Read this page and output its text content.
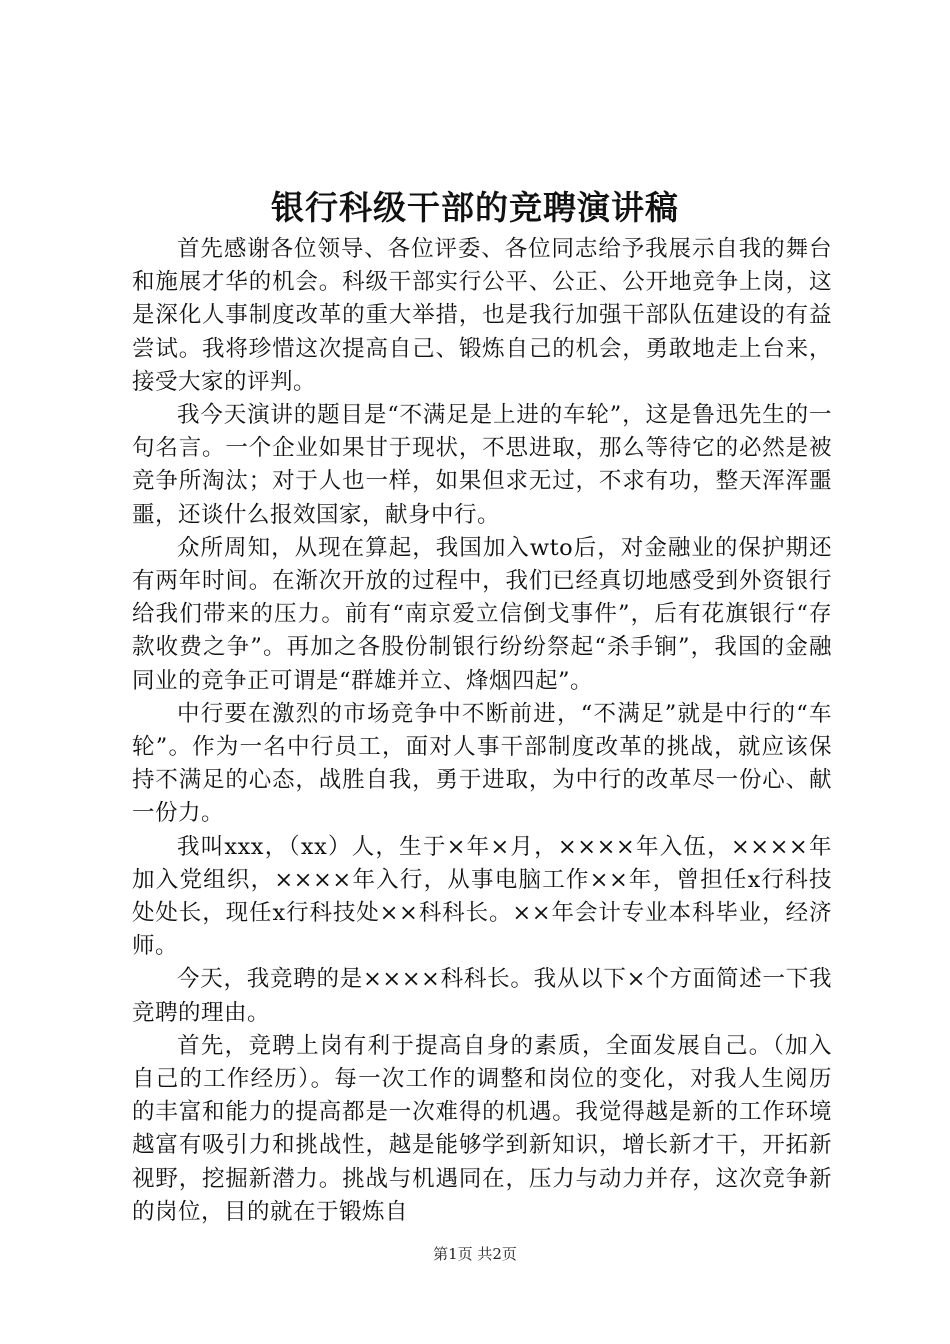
银行科级干部的竞聘演讲稿

首先感谢各位领导、各位评委、各位同志给予我展示自我的舞台和施展才华的机会。科级干部实行公平、公正、公开地竞争上岗，这是深化人事制度改革的重大举措，也是我行加强干部队伍建设的有益尝试。我将珍惜这次提高自己、锻炼自己的机会，勇敢地走上台来，接受大家的评判。

我今天演讲的题目是“不满足是上进的车轮”，这是鲁迅先生的一句名言。一个企业如果甘于现状，不思进取，那么等待它的必然是被竞争所淘汰；对于人也一样，如果但求无过，不求有功，整天浑浑噩噩，还谈什么报效国家，献身中行。

众所周知，从现在算起，我国加入wto后，对金融业的保护期还有两年时间。在渐次开放的过程中，我们已经真切地感受到外资银行给我们带来的压力。前有“南京爱立信倒戈事件”，后有花旗银行“存款收费之争”。再加之各股份制银行纷纷祭起“杀手锏”，我国的金融同业的竞争正可谓是“群雄并立、烽烟四起”。

中行要在激烈的市场竞争中不断前进，“不满足”就是中行的“车轮”。作为一名中行员工，面对人事干部制度改革的挑战，就应该保持不满足的心态，战胜自我，勇于进取，为中行的改革尽一份心、献一份力。

我叫xxx，（xx）人，生于×年×月，××××年入伍，××××年加入党组织，××××年入行，从事电脑工作××年，曾担任x行科技处处长，现任x行科技处××科科长。××年会计专业本科毕业，经济师。

今天，我竞聘的是××××科科长。我从以下×个方面简述一下我竞聘的理由。

首先，竞聘上岗有利于提高自身的素质，全面发展自己。（加入自己的工作经历）。每一次工作的调整和岗位的变化，对我人生阅历的丰富和能力的提高都是一次难得的机遇。我觉得越是新的工作环境越富有吸引力和挑战性，越是能够学到新知识，增长新才干，开拓新视野，挖掘新潜力。挑战与机遇同在，压力与动力并存，这次竞争新的岗位，目的就在于锻炼自

第1页 共2页
